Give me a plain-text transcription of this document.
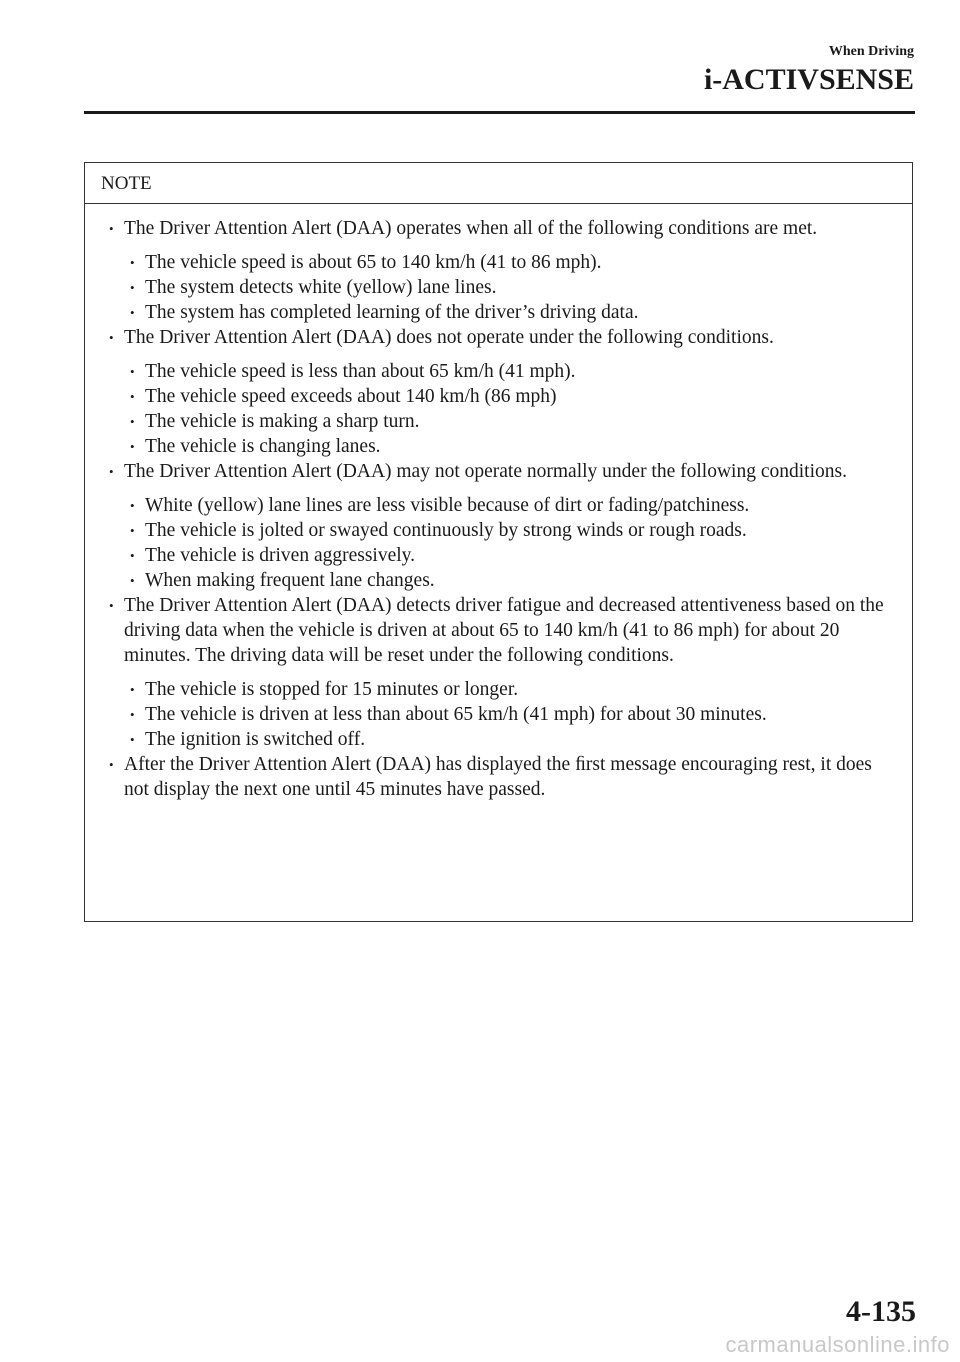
When Driving
i-ACTIVSENSE
NOTE
• The Driver Attention Alert (DAA) operates when all of the following conditions are met.
• The vehicle speed is about 65 to 140 km/h (41 to 86 mph).
• The system detects white (yellow) lane lines.
• The system has completed learning of the driver’s driving data.
• The Driver Attention Alert (DAA) does not operate under the following conditions.
• The vehicle speed is less than about 65 km/h (41 mph).
• The vehicle speed exceeds about 140 km/h (86 mph)
• The vehicle is making a sharp turn.
• The vehicle is changing lanes.
• The Driver Attention Alert (DAA) may not operate normally under the following conditions.
• White (yellow) lane lines are less visible because of dirt or fading/patchiness.
• The vehicle is jolted or swayed continuously by strong winds or rough roads.
• The vehicle is driven aggressively.
• When making frequent lane changes.
• The Driver Attention Alert (DAA) detects driver fatigue and decreased attentiveness based on the driving data when the vehicle is driven at about 65 to 140 km/h (41 to 86 mph) for about 20 minutes. The driving data will be reset under the following conditions.
• The vehicle is stopped for 15 minutes or longer.
• The vehicle is driven at less than about 65 km/h (41 mph) for about 30 minutes.
• The ignition is switched off.
• After the Driver Attention Alert (DAA) has displayed the ﬁrst message encouraging rest, it does not display the next one until 45 minutes have passed.
4-135
carmanualsonline.info
